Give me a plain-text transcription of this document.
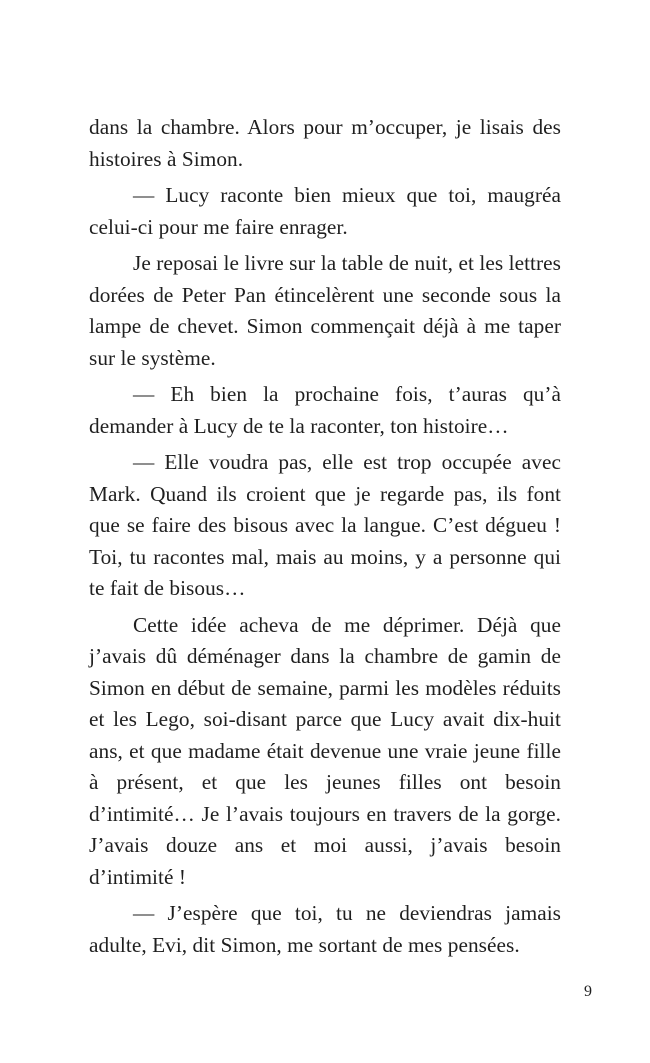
dans la chambre. Alors pour m’occuper, je lisais des histoires à Simon.

— Lucy raconte bien mieux que toi, maugréa celui-ci pour me faire enrager.

Je reposai le livre sur la table de nuit, et les lettres dorées de Peter Pan étincelèrent une seconde sous la lampe de chevet. Simon commençait déjà à me taper sur le système.

— Eh bien la prochaine fois, t’auras qu’à demander à Lucy de te la raconter, ton histoire…

— Elle voudra pas, elle est trop occupée avec Mark. Quand ils croient que je regarde pas, ils font que se faire des bisous avec la langue. C’est dégueu ! Toi, tu racontes mal, mais au moins, y a personne qui te fait de bisous…

Cette idée acheva de me déprimer. Déjà que j’avais dû déménager dans la chambre de gamin de Simon en début de semaine, parmi les modèles réduits et les Lego, soi-disant parce que Lucy avait dix-huit ans, et que madame était devenue une vraie jeune fille à présent, et que les jeunes filles ont besoin d’intimité… Je l’avais toujours en travers de la gorge. J’avais douze ans et moi aussi, j’avais besoin d’intimité !

— J’espère que toi, tu ne deviendras jamais adulte, Evi, dit Simon, me sortant de mes pensées.

9
